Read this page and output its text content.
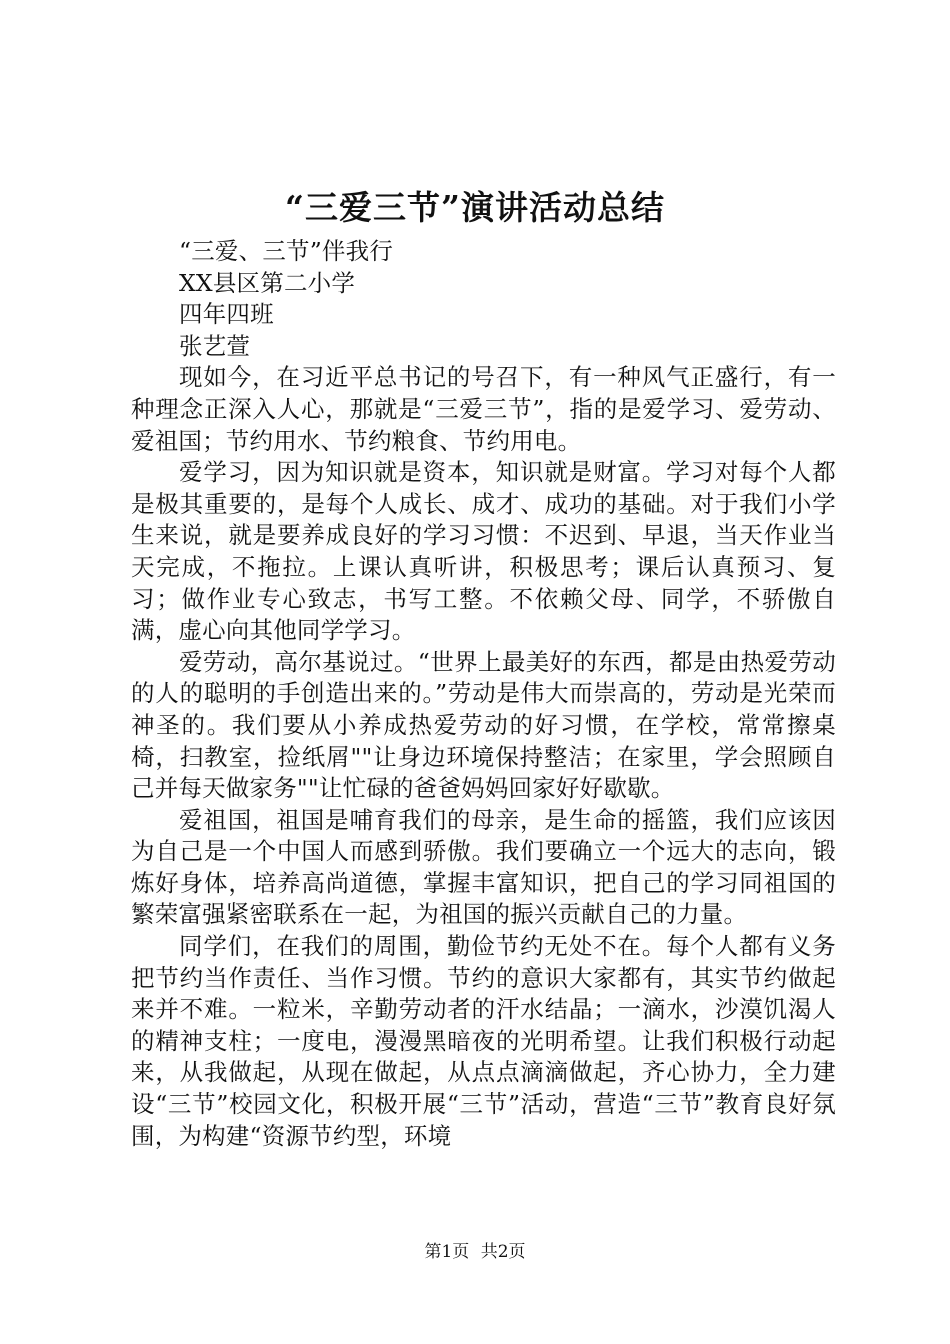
“三爱三节”演讲活动总结
“三爱、三节”伴我行
XX县区第二小学
四年四班
张艺萱

现如今，在习近平总书记的号召下，有一种风气正盛行，有一种理念正深入人心，那就是“三爱三节”，指的是爱学习、爱劳动、爱祖国；节约用水、节约粮食、节约用电。

爱学习，因为知识就是资本，知识就是财富。学习对每个人都是极其重要的，是每个人成长、成才、成功的基础。对于我们小学生来说，就是要养成良好的学习习惯：不迟到、早退，当天作业当天完成，不拖拉。上课认真听讲，积极思考；课后认真预习、复习；做作业专心致志，书写工整。不依赖父母、同学，不骄傲自满，虚心向其他同学学习。

爱劳动，高尔基说过。“世界上最美好的东西，都是由热爱劳动的人的聪明的手创造出来的。”劳动是伟大而崇高的，劳动是光荣而神圣的。我们要从小养成热爱劳动的好习惯，在学校，常常擦桌椅，扫教室，捡纸屑""让身边环境保持整洁；在家里，学会照顾自己并每天做家务""让忙碌的爸爸妈妈回家好好歇歇。

爱祖国，祖国是哺育我们的母亲，是生命的摇篮，我们应该因为自己是一个中国人而感到骄傲。我们要确立一个远大的志向，锻炼好身体，培养高尚道德，掌握丰富知识，把自己的学习同祖国的繁荣富强紧密联系在一起，为祖国的振兴贡献自己的力量。

同学们，在我们的周围，勤俭节约无处不在。每个人都有义务把节约当作责任、当作习惯。节约的意识大家都有，其实节约做起来并不难。一粒米，辛勤劳动者的汗水结晶；一滴水，沙漠饥渴人的精神支柱；一度电，漫漫黑暗夜的光明希望。让我们积极行动起来，从我做起，从现在做起，从点点滴滴做起，齐心协力，全力建设“三节”校园文化，积极开展“三节”活动，营造“三节”教育良好氛围，为构建“资源节约型，环境

第1页 共2页
